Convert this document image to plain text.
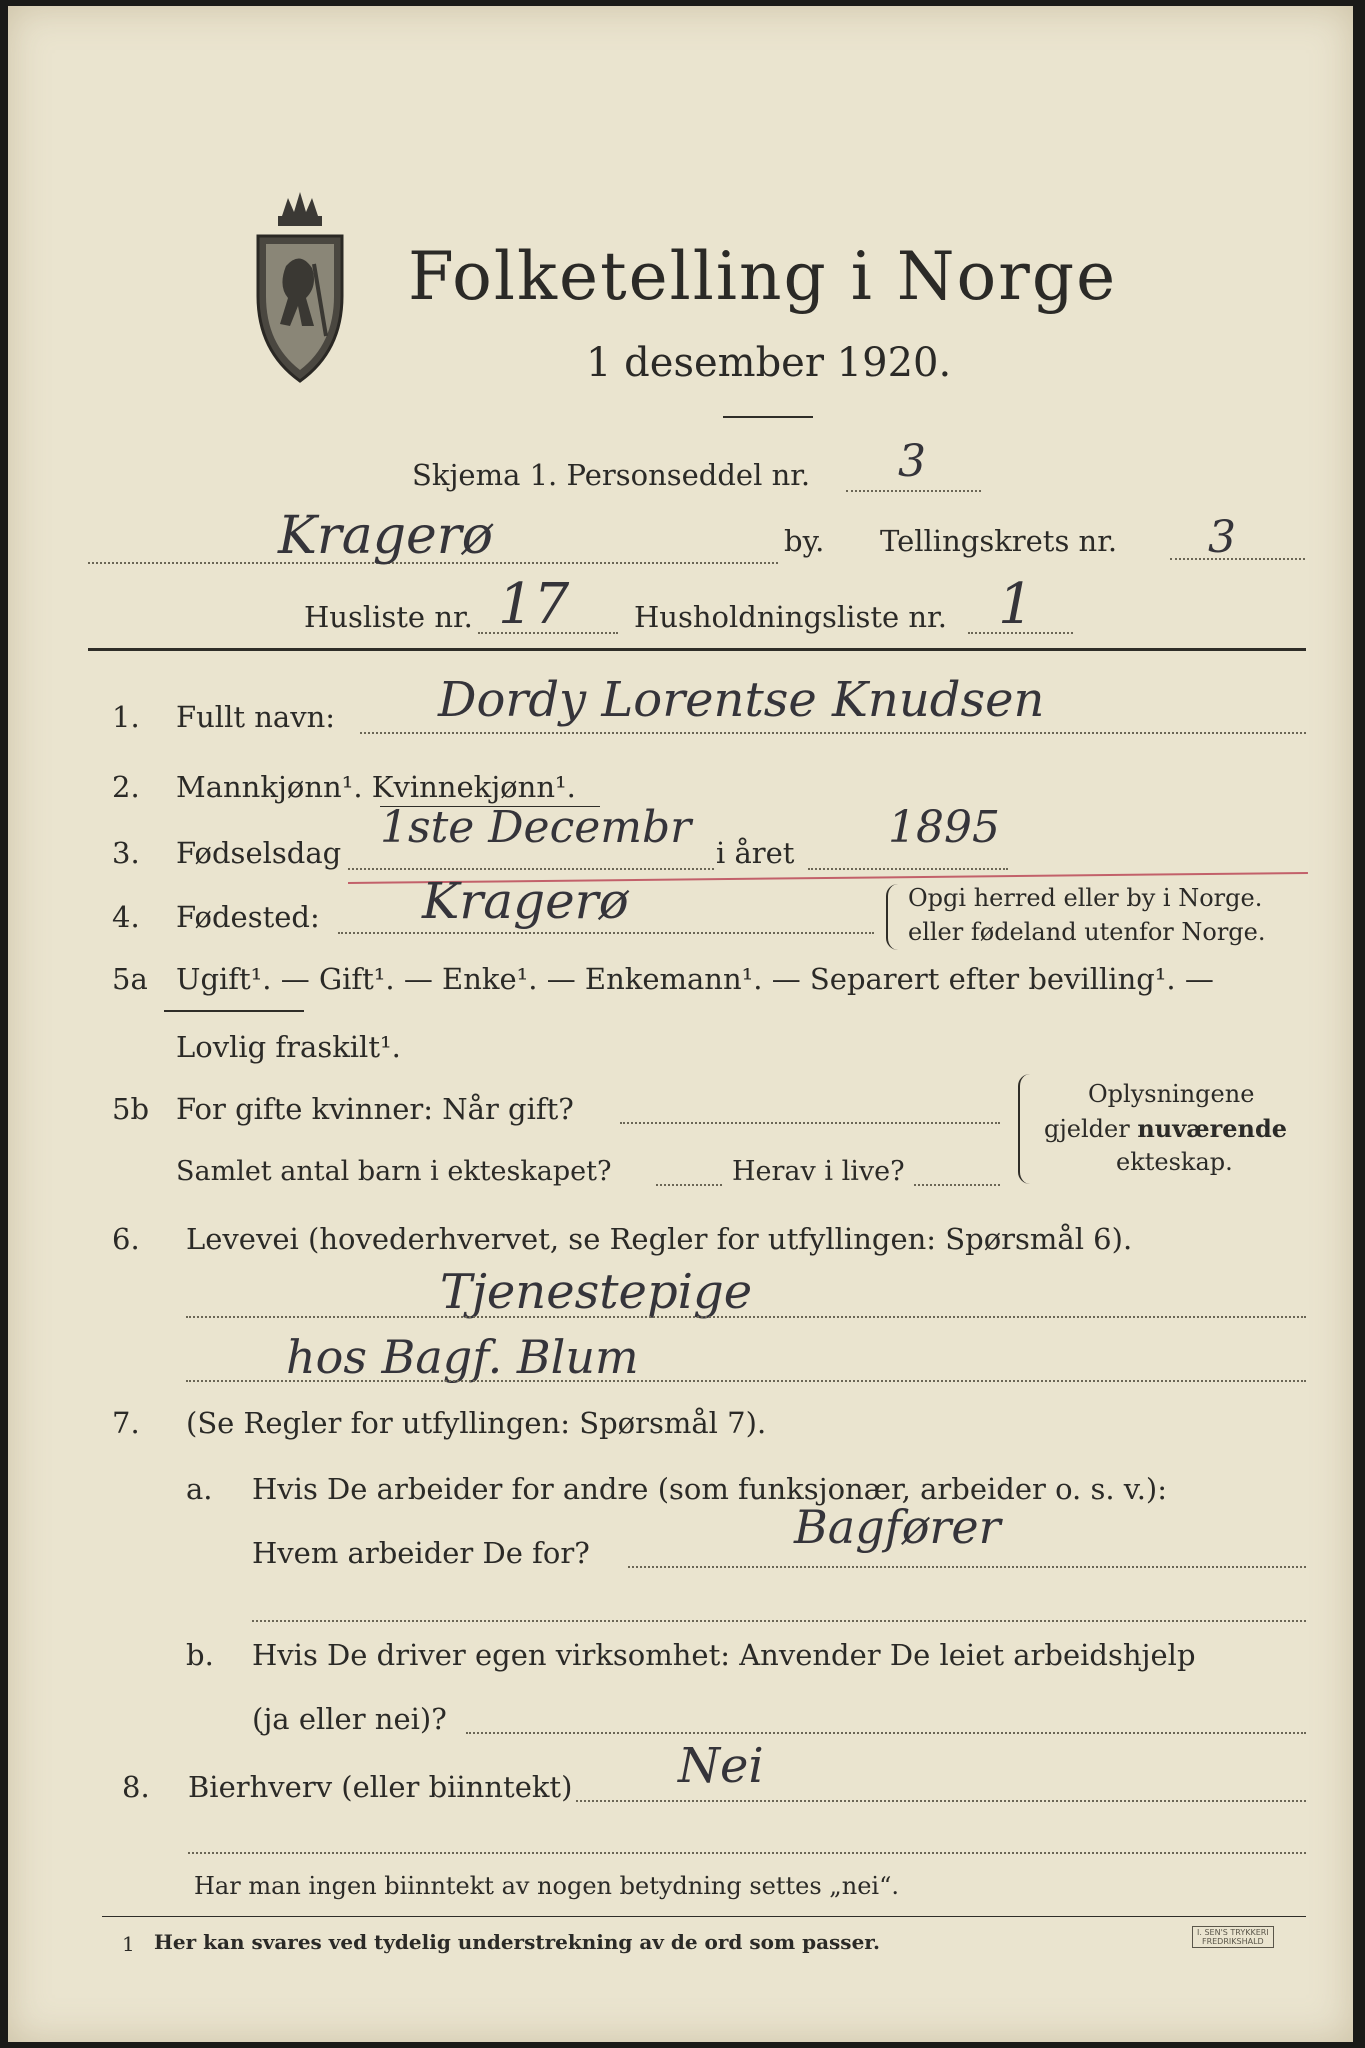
Folketelling i Norge
1 desember 1920.
Skjema 1. Personseddel nr. 3
Kragerø	by. Tellingskrets nr. 3
Husliste nr. 17 Husholdningsliste nr. 1
1. Fullt navn: Dordy Lorentse Knudsen
2. Mannkjønn¹. Kvinnekjønn¹.
3. Fødselsdag 1ste Decembr i året 1895
4. Fødested: Kragerø	Opgi herred eller by i Norge.
eller fødeland utenfor Norge.
5a Ugift¹. — Gift¹. — Enke¹. — Enkemann¹. — Separert efter bevilling¹. —
Lovlig fraskilt¹.
5b For gifte kvinner: Når gift?
Samlet antal barn i ekteskapet?	Herav i live?
Oplysningene
gjelder nuværende
ekteskap.
6. Levevei (hovederhvervet, se Regler for utfyllingen: Spørsmål 6).
Tjenestepige
hos Bagf. Blum
7. (Se Regler for utfyllingen: Spørsmål 7).
a. Hvis De arbeider for andre (som funksjonær, arbeider o. s. v.):
Hvem arbeider De for?	Bagfører
b. Hvis De driver egen virksomhet: Anvender De leiet arbeidshjelp
(ja eller nei)?
8. Bierhverv (eller biinntekt) Nei
Har man ingen biinntekt av nogen betydning settes „nei“.
1 Her kan svares ved tydelig understrekning av de ord som passer.	I. SEN'S TRYKKERI
FREDRIKSHALD
